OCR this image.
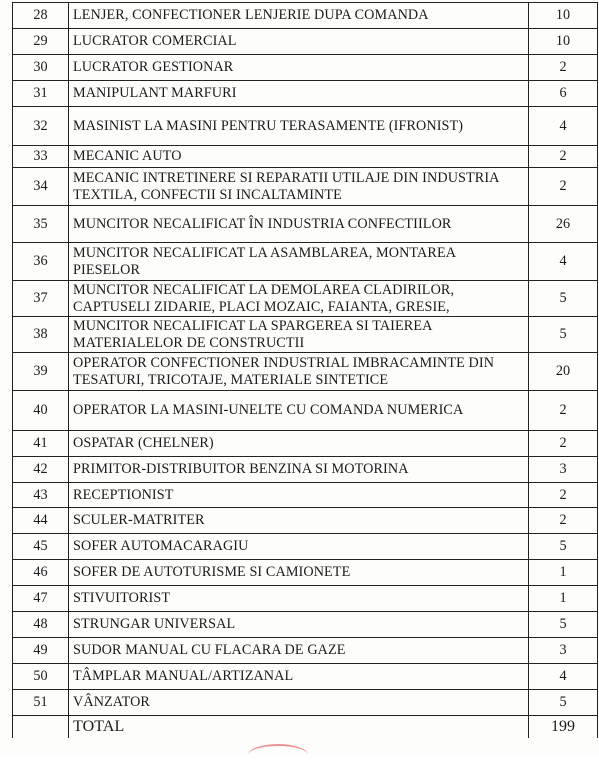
28	LENJER, CONFECTIONER LENJERIE DUPA COMANDA	10
29	LUCRATOR COMERCIAL	10
30	LUCRATOR GESTIONAR	2
31	MANIPULANT MARFURI	6
32	MASINIST LA MASINI PENTRU TERASAMENTE (IFRONIST)	4
33	MECANIC AUTO	2
34	MECANIC INTRETINERE SI REPARATII UTILAJE DIN INDUSTRIA TEXTILA, CONFECTII SI INCALTAMINTE	2
35	MUNCITOR NECALIFICAT ÎN INDUSTRIA CONFECTIILOR	26
36	MUNCITOR NECALIFICAT LA ASAMBLAREA, MONTAREA PIESELOR	4
37	MUNCITOR NECALIFICAT LA DEMOLAREA CLADIRILOR, CAPTUSELI ZIDARIE, PLACI MOZAIC, FAIANTA, GRESIE,	5
38	MUNCITOR NECALIFICAT LA SPARGEREA SI TAIEREA MATERIALELOR DE CONSTRUCTII	5
39	OPERATOR CONFECTIONER INDUSTRIAL IMBRACAMINTE DIN TESATURI, TRICOTAJE, MATERIALE SINTETICE	20
40	OPERATOR LA MASINI-UNELTE CU COMANDA NUMERICA	2
41	OSPATAR (CHELNER)	2
42	PRIMITOR-DISTRIBUITOR BENZINA SI MOTORINA	3
43	RECEPTIONIST	2
44	SCULER-MATRITER	2
45	SOFER AUTOMACARAGIU	5
46	SOFER DE AUTOTURISME SI CAMIONETE	1
47	STIVUITORIST	1
48	STRUNGAR UNIVERSAL	5
49	SUDOR MANUAL CU FLACARA DE GAZE	3
50	TÂMPLAR MANUAL/ARTIZANAL	4
51	VÂNZATOR	5
	TOTAL	199
